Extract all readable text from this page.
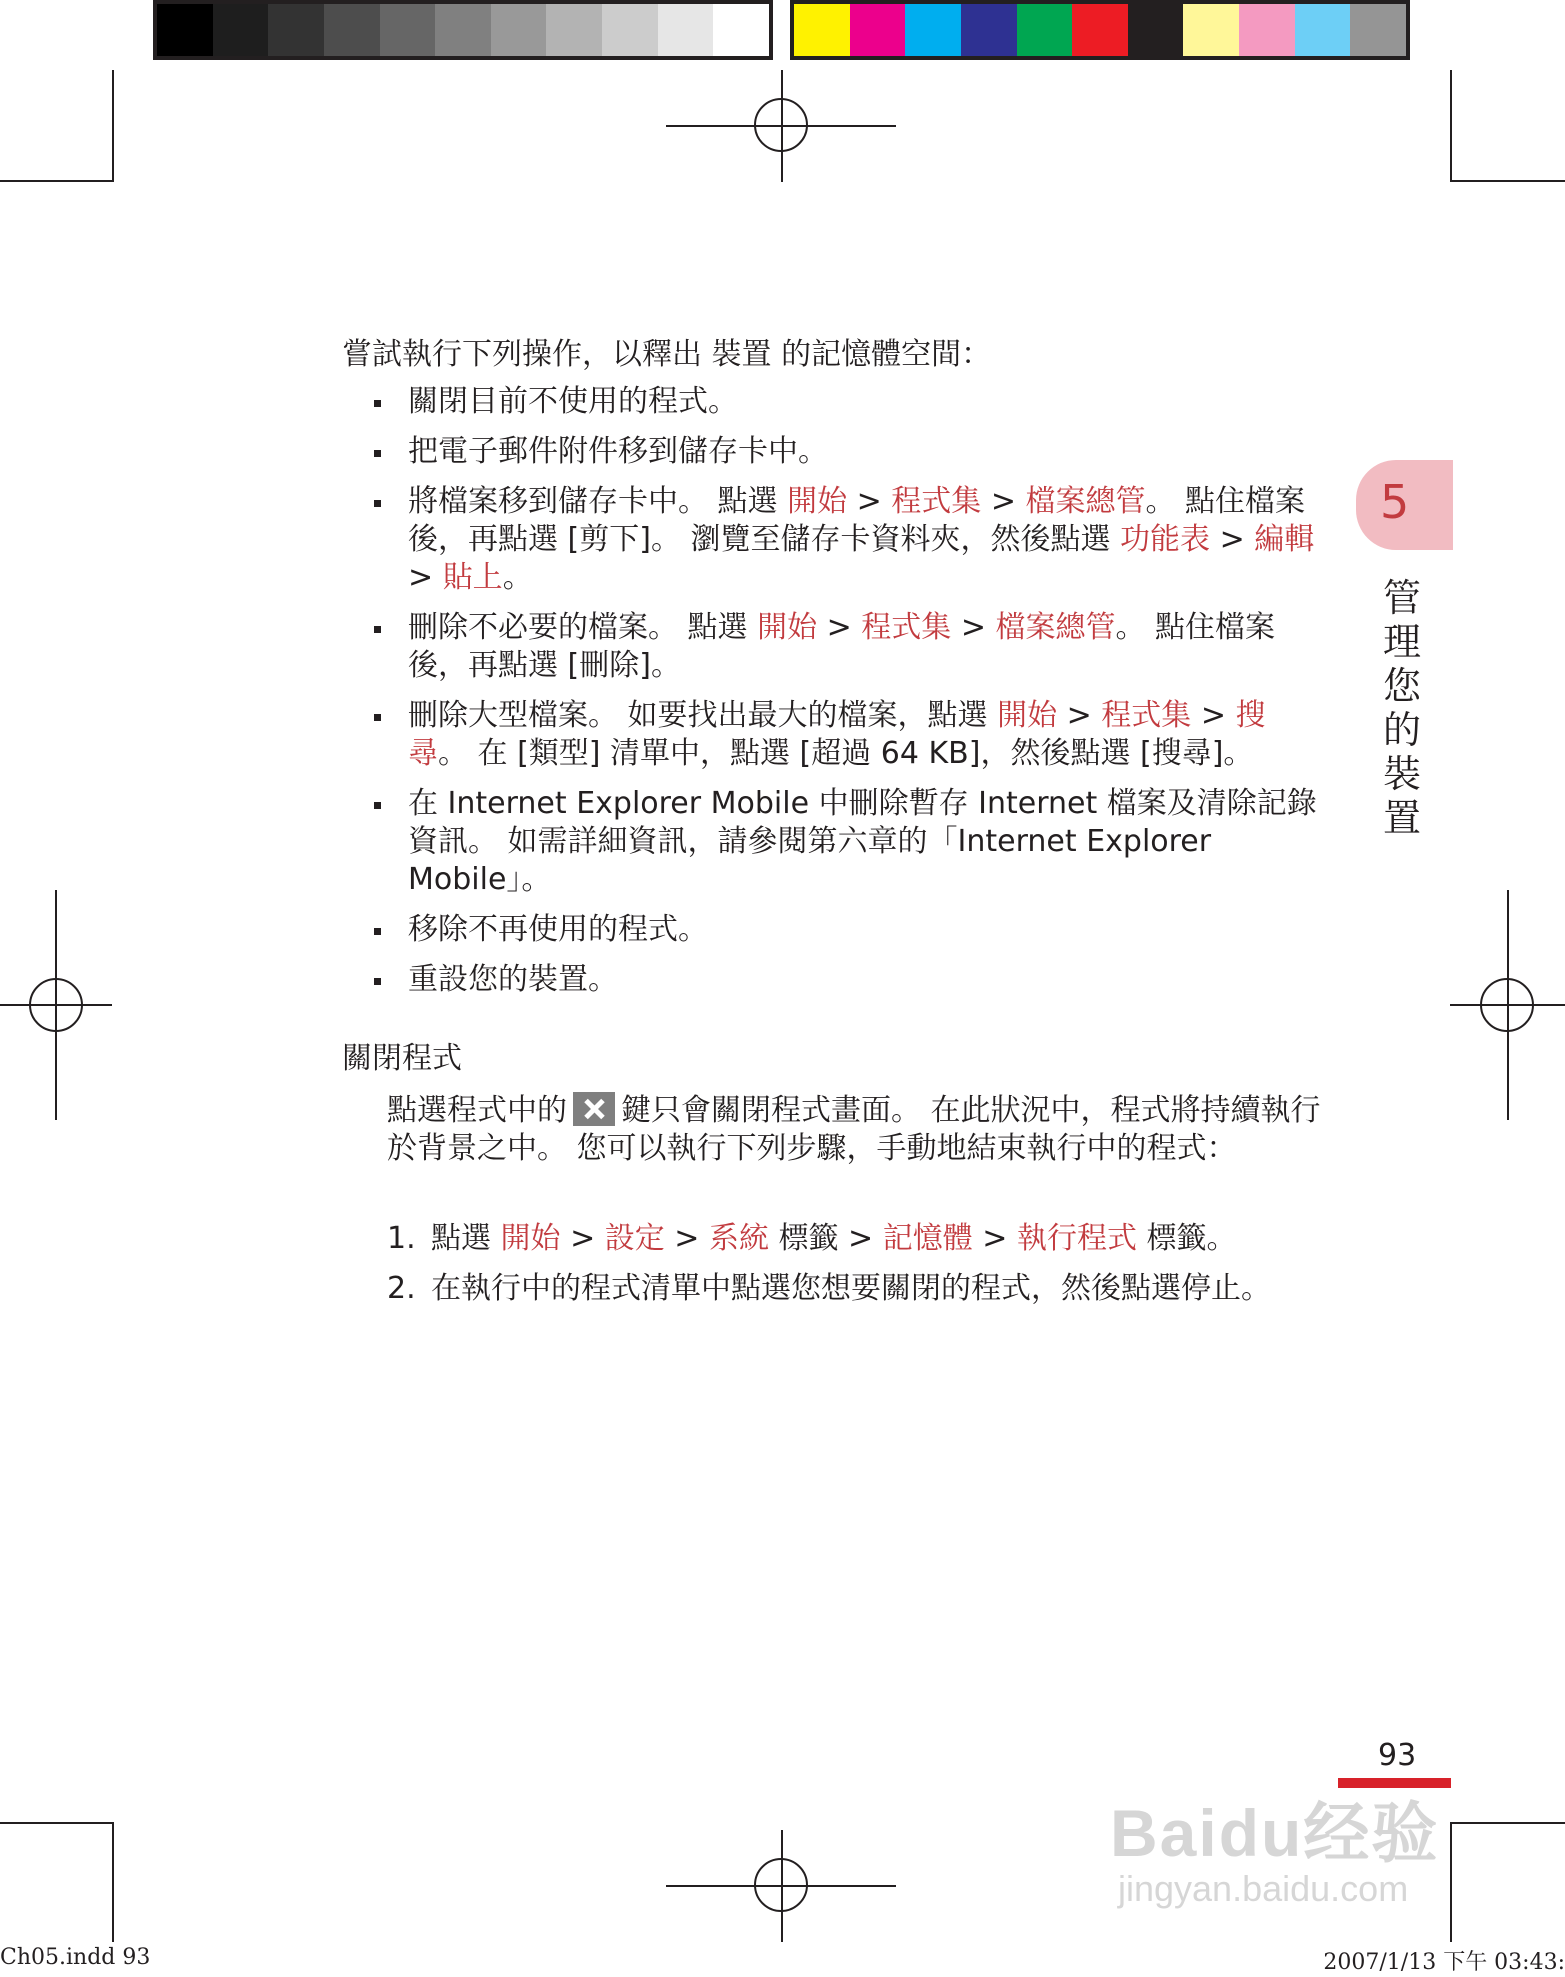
嘗試執行下列操作，以釋出 裝置 的記憶體空間：
關閉目前不使用的程式。
把電子郵件附件移到儲存卡中。
將檔案移到儲存卡中。 點選 開始 > 程式集 > 檔案總管。 點住檔案後，再點選 [剪下]。 瀏覽至儲存卡資料夾，然後點選 功能表 > 編輯 > 貼上。
刪除不必要的檔案。 點選 開始 > 程式集 > 檔案總管。 點住檔案後，再點選 [刪除]。
刪除大型檔案。 如要找出最大的檔案，點選 開始 > 程式集 > 搜尋。 在 [類型] 清單中，點選 [超過 64 KB]，然後點選 [搜尋]。
在 Internet Explorer Mobile 中刪除暫存 Internet 檔案及清除記錄資訊。 如需詳細資訊，請參閱第六章的「Internet Explorer Mobile」。
移除不再使用的程式。
重設您的裝置。
關閉程式
點選程式中的 鍵只會關閉程式畫面。 在此狀況中，程式將持續執行於背景之中。 您可以執行下列步驟，手動地結束執行中的程式：
1. 點選 開始 > 設定 > 系統 標籤 > 記憶體 > 執行程式 標籤。
2. 在執行中的程式清單中點選您想要關閉的程式，然後點選停止。
5
管理您的裝置
93
Baidu经验
jingyan.baidu.com
Ch05.indd 93	2007/1/13 下午 03:43:
